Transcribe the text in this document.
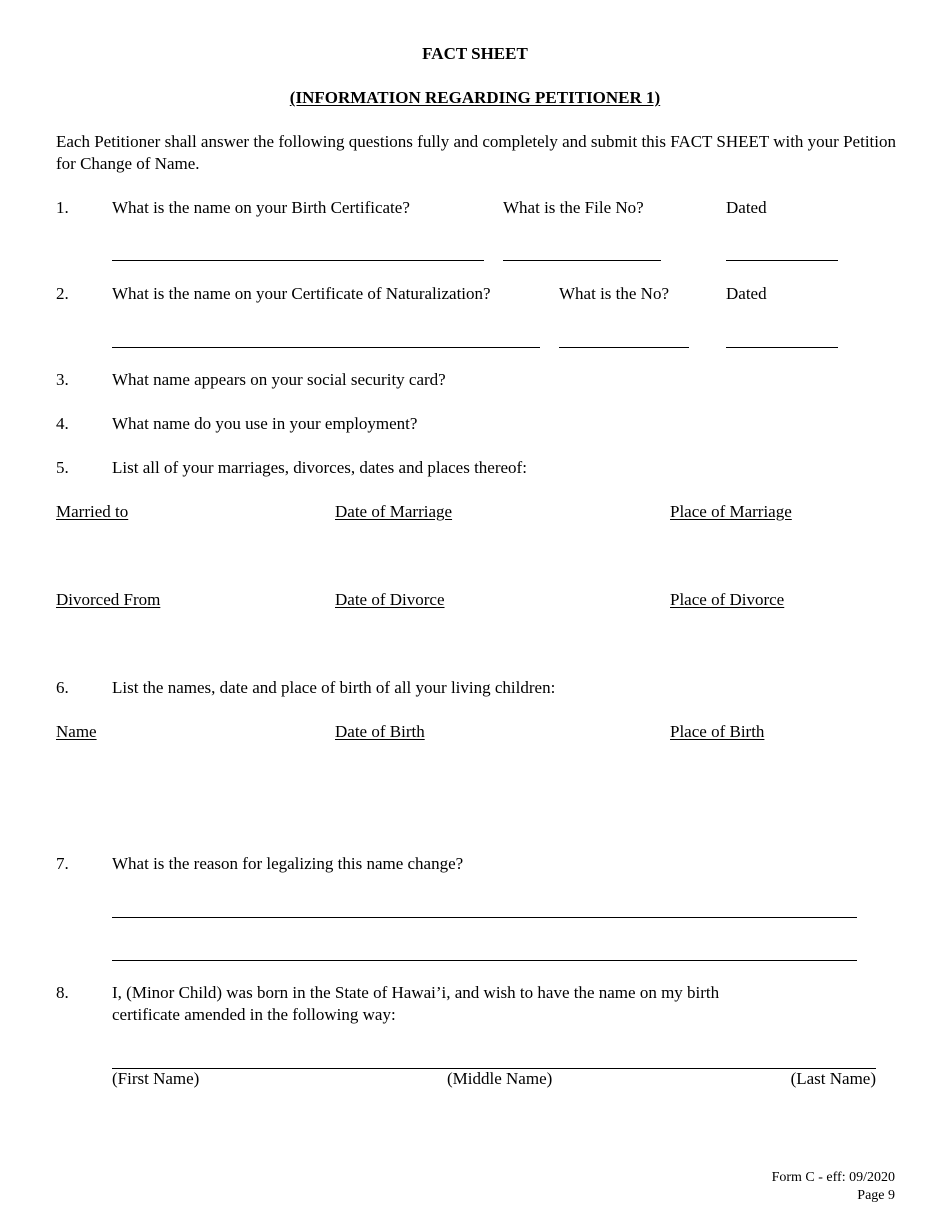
FACT SHEET
(INFORMATION REGARDING PETITIONER 1)
Each Petitioner shall answer the following questions fully and completely and submit this FACT SHEET with your Petition for Change of Name.
1.	What is the name on your Birth Certificate?	What is the File No?	Dated
2.	What is the name on your Certificate of Naturalization?	What is the No?	Dated
3.	What name appears on your social security card?
4.	What name do you use in your employment?
5.	List all of your marriages, divorces, dates and places thereof:
Married to	Date of Marriage	Place of Marriage
Divorced From	Date of Divorce	Place of Divorce
6.	List the names, date and place of birth of all your living children:
Name	Date of Birth	Place of Birth
7.	What is the reason for legalizing this name change?
8.	I, (Minor Child) was born in the State of Hawai’i, and wish to have the name on my birth
certificate amended in the following way:
(First Name)	(Middle Name)	(Last Name)
Form C - eff: 09/2020
Page 9
